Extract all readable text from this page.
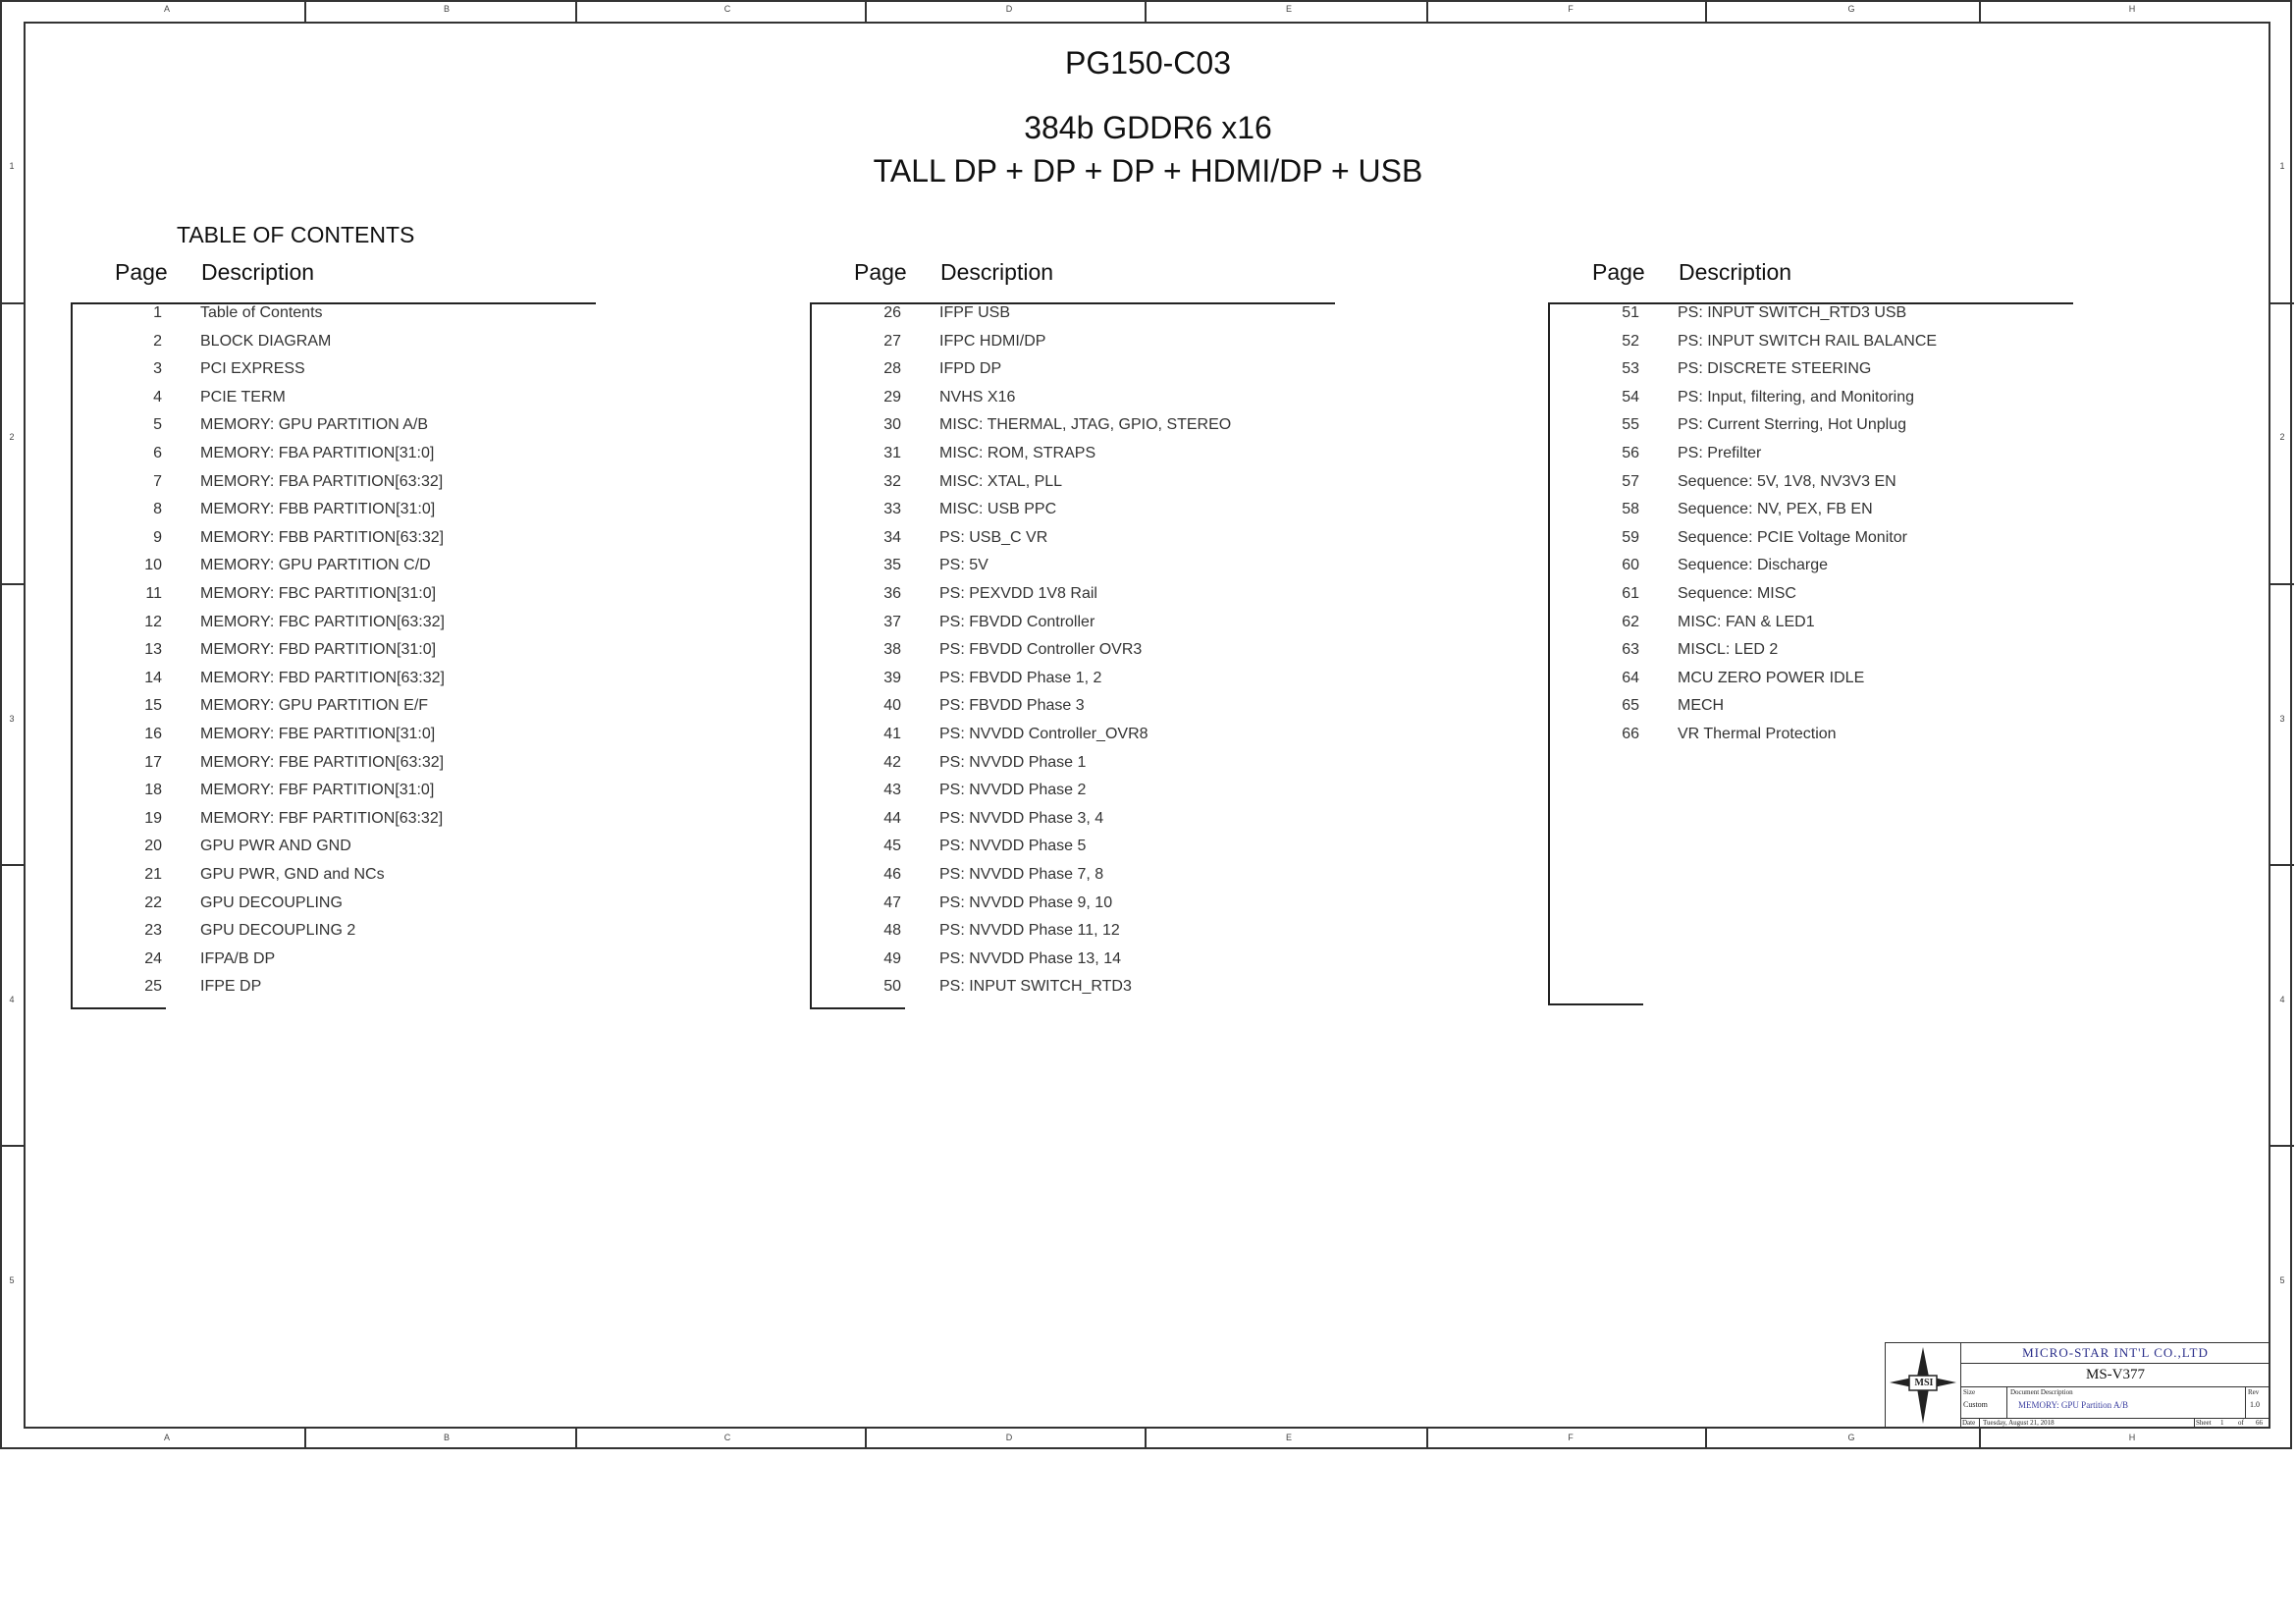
A
A
B
B
C
C
D
D
E
E
F
F
G
G
H
H
1	1
2	2
3	3
4	4
5	5
PG150-C03
384b GDDR6 x16
TALL DP + DP + DP + HDMI/DP + USB
TABLE OF CONTENTS
Page Description
1 Table of Contents
2 BLOCK DIAGRAM
3 PCI EXPRESS
4 PCIE TERM
5 MEMORY: GPU PARTITION A/B
6 MEMORY: FBA PARTITION[31:0]
7 MEMORY: FBA PARTITION[63:32]
8 MEMORY: FBB PARTITION[31:0]
9 MEMORY: FBB PARTITION[63:32]
10 MEMORY: GPU PARTITION C/D
11 MEMORY: FBC PARTITION[31:0]
12 MEMORY: FBC PARTITION[63:32]
13 MEMORY: FBD PARTITION[31:0]
14 MEMORY: FBD PARTITION[63:32]
15 MEMORY: GPU PARTITION E/F
16 MEMORY: FBE PARTITION[31:0]
17 MEMORY: FBE PARTITION[63:32]
18 MEMORY: FBF PARTITION[31:0]
19 MEMORY: FBF PARTITION[63:32]
20 GPU PWR AND GND
21 GPU PWR, GND and NCs
22 GPU DECOUPLING
23 GPU DECOUPLING 2
24 IFPA/B DP
25 IFPE DP
Page Description
26 IFPF USB
27 IFPC HDMI/DP
28 IFPD DP
29 NVHS X16
30 MISC: THERMAL, JTAG, GPIO, STEREO
31 MISC: ROM, STRAPS
32 MISC: XTAL, PLL
33 MISC: USB PPC
34 PS: USB_C VR
35 PS: 5V
36 PS: PEXVDD 1V8 Rail
37 PS: FBVDD Controller
38 PS: FBVDD Controller OVR3
39 PS: FBVDD Phase 1, 2
40 PS: FBVDD Phase 3
41 PS: NVVDD Controller_OVR8
42 PS: NVVDD Phase 1
43 PS: NVVDD Phase 2
44 PS: NVVDD Phase 3, 4
45 PS: NVVDD Phase 5
46 PS: NVVDD Phase 7, 8
47 PS: NVVDD Phase 9, 10
48 PS: NVVDD Phase 11, 12
49 PS: NVVDD Phase 13, 14
50 PS: INPUT SWITCH_RTD3
Page Description
51 PS: INPUT SWITCH_RTD3 USB
52 PS: INPUT SWITCH RAIL BALANCE
53 PS: DISCRETE STEERING
54 PS: Input, filtering, and Monitoring
55 PS: Current Sterring, Hot Unplug
56 PS: Prefilter
57 Sequence: 5V, 1V8, NV3V3 EN
58 Sequence: NV, PEX, FB EN
59 Sequence: PCIE Voltage Monitor
60 Sequence: Discharge
61 Sequence: MISC
62 MISC: FAN & LED1
63 MISCL: LED 2
64 MCU ZERO POWER IDLE
65 MECH
66 VR Thermal Protection
MSI
MICRO-STAR INT'L CO.,LTD
MS-V377
Size
Custom
Document Description
MEMORY: GPU Partition A/B
Rev
1.0
Date Tuesday, August 21, 2018	Sheet 1 of 66
